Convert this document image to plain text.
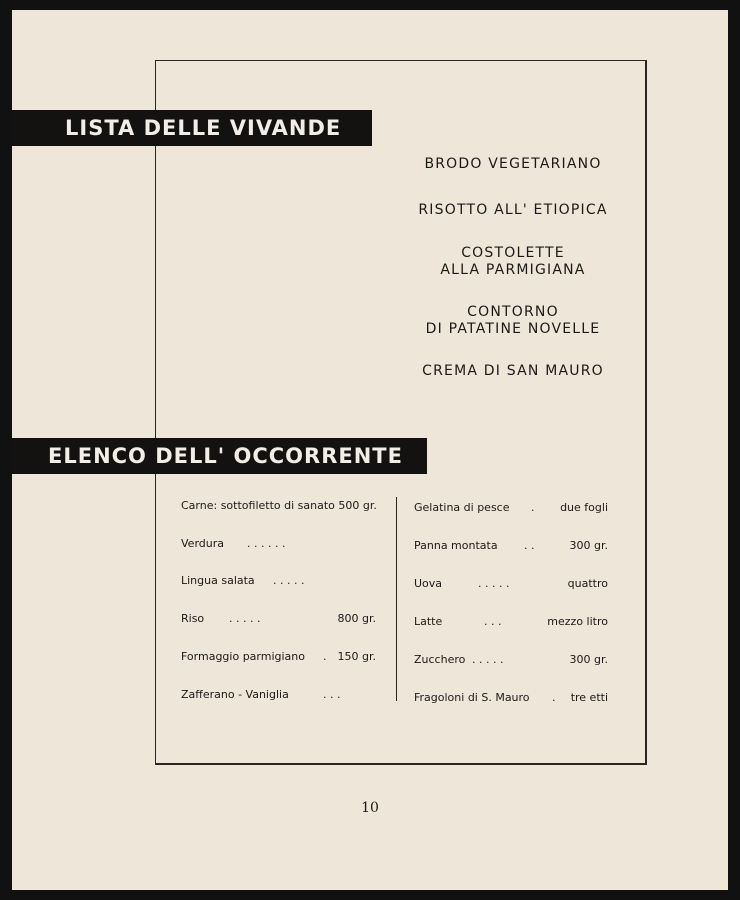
LISTA DELLE VIVANDE

BRODO VEGETARIANO

RISOTTO ALL' ETIOPICA

COSTOLETTE

ALLA PARMIGIANA

CONTORNO

DI PATATINE NOVELLE

CREMA DI SAN MAURO

ELENCO DELL' OCCORRENTE
Carne: sottofiletto di sanato 500 gr.
Verdura . . . . . .
Lingua salata . . . . .
Riso . . . . .	800 gr.
Formaggio parmigiano . 150 gr.
Zafferano - Vaniglia	. . .
Gelatina di pesce . due fogli
Panna montata . .	300 gr.
Uova	. . . . .	quattro
Latte	. . .	mezzo litro
Zucchero . . . . .	300 gr.
Fragoloni di S. Mauro . tre etti
10
